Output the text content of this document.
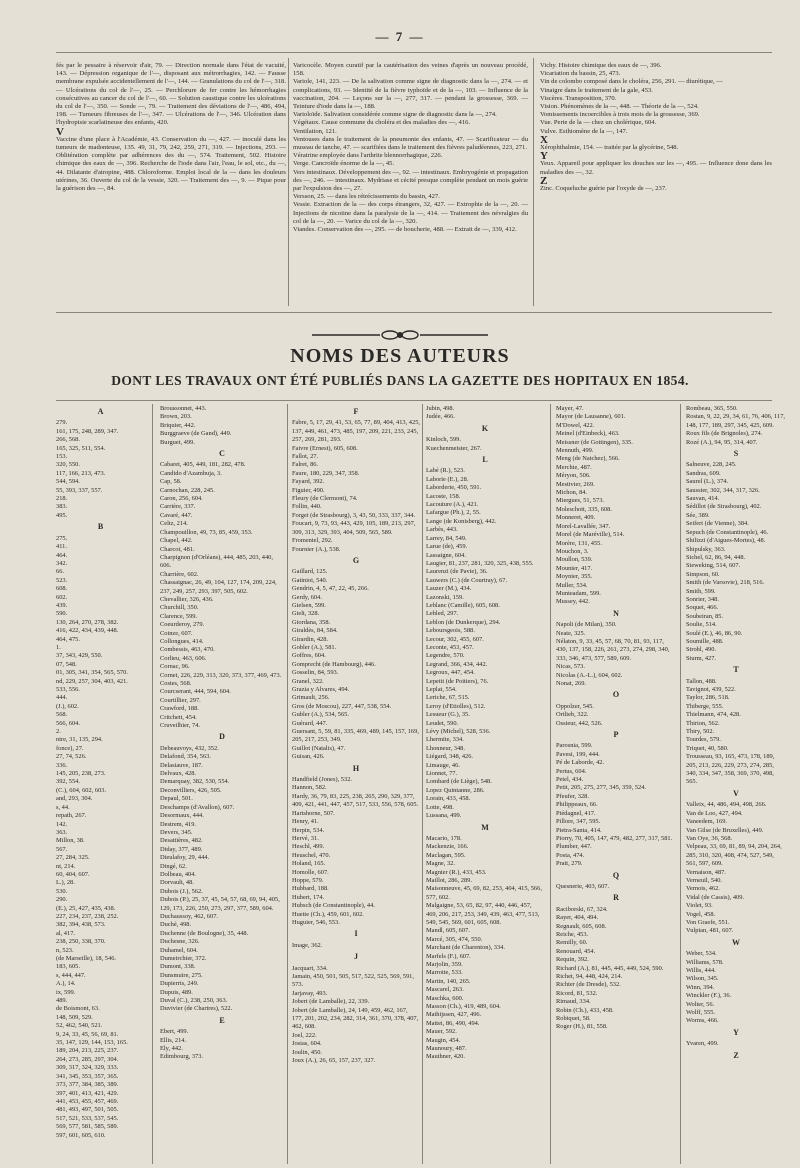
— 7 —

fés par le pessaire à réservoir d'air, 79. — Direction normale dans l'état de vacuité, 143. — Dépression organique de l'—, disposant aux métrorrhagies, 142. — Fausse membrane expulsée accidentellement de l'—, 144. — Granulations du col de l'—, 318. — Ulcérations du col de l'—, 25. — Perchlorure de fer contre les hémorrhagies consécutives au cancer du col de l'—, 60. — Solution caustique contre les ulcérations du col de l'—, 350. — Sonde —, 79. — Traitement des déviations de l'—, 486, 494, 198. — Tumeurs fibreuses de l'—, 347. — Ulcérations de l'—, 346. Ulcération dans l'hydropisie scarlatineuse des enfants, 420.

V

Vaccine d'une place à l'Académie, 43. Conservation du —, 427. — inoculé dans les tumeurs de madonteuse, 135. 49, 31, 79, 242, 259, 271, 319. — Injections, 293. — Oblitération complète par adhérences des du —, 574. Traitement, 502. Histoire chimique des eaux de —, 396. Recherche de l'iode dans l'air, l'eau, le sol, etc., du —, 44. Dilatante d'atropine, 488. Chloroforme. Emploi local de la — dans les douleurs utérines, 36. Ouverte du col de la vessie, 320. — Traitement des —, 9. — Pique pour la guérison des —, 84.

Varicocèle. Moyen curatif par la cautérisation des veines d'après un nouveau procédé, 158.

Variole, 141, 223. — De la salivation comme signe de diagnostic dans la —, 274. — et complications, 93. — Identité de la fièvre typhoïde et de la —, 103. — Influence de la vaccination, 204. — Leçons sur la —, 277, 317. — pendant la grossesse, 369. — Teinture d'iode dans la —, 188.

Varioloïde. Salivation considérée comme signe de diagnostic dans la —, 274.

Végétaux. Cause commune du choléra et des maladies des —, 416.

Ventilation, 121.

Ventouses dans le traitement de la pneumonie des enfants, 47. — Scarificateur — du museau de tanche, 47. — scarifiées dans le traitement des fièvres paludéennes, 223, 271.

Vératrine employée dans l'arthrite blennorrhagique, 226.

Verge. Cancroïde énorme de la —, 45.

Vers intestinaux. Développement des —, 92. — intestinaux. Embryogénie et propagation des —, 246. — intestinaux. Mydriase et cécité presque complète pendant un mois guérie par l'expulsion des —, 27.

Versson, 25. — dans les rétrécissements du bassin, 427.

Vessie. Extraction de la — des corps étrangers, 32, 427. — Extrophie de la —, 20. — Injections de nicotine dans la paralysie de la —, 414. — Traitement des névralgies du col de la —, 20. — Varice du col de la —, 320.

Viandes. Conservation des —, 295. — de boucherie, 488. — Extrait de —, 339, 412.

Vichy. Histoire chimique des eaux de —, 396.

Vicariation du bassin, 25, 473.

Vin de colombo composé dans le choléra, 256, 291. — diurétique, —

Vinaigre dans le traitement de la gale, 453.

Viscères. Transposition, 370.

Vision. Phénomènes de la —, 448. — Théorie de la —, 524.

Vomissements incoercibles à trois mois de la grossesse, 369.

Vue. Perte de la — chez un cholérique, 604.

Vulve. Esthiomène de la —, 147.

X

Xérophthalmie, 154. — traitée par la glycérine, 548.

Y

Yeux. Appareil pour appliquer les douches sur les —, 495. — Influence done dans les maladies des —, 32.

Z

Zinc. Coqueluche guérie par l'oxyde de —, 237.

NOMS DES AUTEURS
DONT LES TRAVAUX ONT ÉTÉ PUBLIÉS DANS LA GAZETTE DES HOPITAUX EN 1854.

A

279.

161, 175, 248, 289, 347.

266, 568.

165, 325, 511, 554.

153.

320, 550.

117, 166, 213, 473.

544, 594.

55, 393, 337, 557.

218.

383.

495.

B

275.

411.

464.

342.

66.

523.

608.

602.

439.

590.

130, 264, 270, 278, 382.

416, 422, 434, 439, 448.

464, 475.

1.

37, 343, 429, 550.

07, 548.

01, 305, 341, 354, 565, 570.

nd, 229, 257, 304, 403, 421.

533, 556.

444.

(J.), 602.

568.

566, 604.

2.

ntre, 31, 135, 294.

fonce), 27.

27, 74, 526.

336.

145, 205, 238, 273.

392, 554.

(C.), 604, 602, 603.

and, 293, 304.

s, 44.

repath, 267.

142.

363.

Millon, 38.

567.

27, 284, 325.

nt, 214.

60, 404, 607.

L.), 28.

530.

290.

(E.), 25, 427, 435, 438.

227, 234, 237, 238, 252.

382, 394, 438, 573.

al, 417.

238, 250, 338, 370.

n, 523.

(de Marseille), 18, 546.

183, 605.

s, 444, 447.

A.), 14.

ix, 599.

489.

de Boismont, 63.

148, 509, 529.

52, 462, 540, 521.

9, 24, 33, 45, 56, 69, 81.

35, 147, 129, 144, 153, 165.

189, 204, 213, 225, 237.

264, 273, 285, 297, 304.

309, 317, 324, 329, 333.

341, 345, 353, 357, 365.

373, 377, 384, 385, 389.

397, 401, 413, 421, 429.

441, 453, 455, 457, 469.

481, 493, 497, 501, 505.

517, 521, 533, 537, 545.

569, 577, 581, 585, 589.

597, 601, 605, 610.

Broussonnet, 443.

Brown, 203.

Briquier, 442.

Burggraeve (de Gand), 449.

Burguet, 499.

C

Cabaret, 405, 449, 181, 282, 478.

Candido d'Azambuja, 3.

Cap, 58.

Carnochan, 228, 245.

Caron, 256, 604.

Carrière, 337.

Cavaré, 447.

Celtz, 214.

Champouillon, 49, 73, 85, 459, 353.

Chapel, 442.

Charcot, 481.

Charpignon (d'Orléans), 444, 485, 203, 440, 606.

Charrière, 602.

Chassaignac, 26, 49, 104, 127, 174, 209, 224, 237, 249, 257, 293, 397, 505, 602.

Chevallier, 326, 436.

Churchill, 350.

Clarence, 599.

Coeurderoy, 279.

Coinze, 607.

Collongues, 414.

Combessis, 463, 470.

Corlieu, 463, 606.

Cornac, 96.

Cornet, 226, 229, 313, 320, 373, 377, 469, 473.

Costes, 568.

Courcserant, 444, 594, 604.

Courtillier, 297.

Crawford, 188.

Critchett, 454.

Cruveilhier, 74.

D

Debeauvoys, 432, 352.

Delafond, 354, 563.

Delasiauve, 187.

Delvaux, 428.

Demarquay, 382, 530, 554.

Deconvilliers, 426, 505.

Depaul, 501.

Deschamps (d'Avallon), 607.

Desormaux, 444.

Destrem, 419.

Devers, 345.

Desattières, 482.

Diday, 377, 489.

Dieulafoy, 29, 444.

Dingé, 62.

Dolbeau, 404.

Dorvault, 48.

Dubois (J.), 562.

Dubois (P.), 25, 37, 45, 54, 57, 68, 69, 94, 405, 129, 173, 226, 250, 273, 297, 377, 589, 604.

Duchaussoy, 462, 607.

Duché, 498.

Duchenne (de Boulogne), 35, 448.

Duchesne, 326.

Duhamel, 604.

Dumeirchier, 372.

Dumont, 338.

Dunsmuire, 275.

Dupierris, 249.

Dupuis, 489.

Duval (C.), 238, 250, 363.

Duvivier (de Chartres), 522.

E

Ebert, 499.

Ellis, 214.

Ely, 442.

Edimbourg, 373.

F

Fabre, 5, 17, 29, 41, 53, 65, 77, 89, 404, 413, 425, 137, 449, 461, 473, 485, 197, 209, 221, 233, 245, 257, 269, 281, 293.

Faivre (Ernest), 605, 608.

Fallot, 27.

Falret, 86.

Faure, 180, 229, 347, 358.

Fayard, 392.

Figuier, 490.

Fleury (de Clermont), 74.

Follin, 440.

Forget (de Strasbourg), 3, 43, 50, 333, 337, 344.

Foucart, 9, 73, 93, 443, 429, 105, 189, 213, 297, 309, 313, 329, 393, 404, 509, 565, 589.

Fromentel, 292.

Fournier (A.), 538.

G

Gaillard, 125.

Gatinioi, 540.

Gendrin, 4, 5, 47, 22, 45, 266.

Gerdy, 604.

Gielsen, 599.

Gielt, 328.

Giordana, 358.

Giraldès, 84, 584.

Girardin, 428.

Gobler (A.), 581.

Goffres, 604.

Gomprecht (de Hambourg), 446.

Gosselin, 84, 593.

Granel, 322.

Grazia y Alvares, 494.

Grimault, 256.

Gros (de Moscou), 227, 447, 538, 554.

Gubler (A.), 534, 565.

Guérard, 447.

Guersant, 5, 59, 81, 335, 469, 489, 145, 157, 169, 205, 217, 253, 349.

Guillot (Natalis), 47.

Guisan, 426.

H

Handfield (Jones), 532.

Hannon, 582.

Hardy, 36, 79, 83, 225, 238, 265, 290, 329, 377, 409, 421, 441, 447, 457, 517, 533, 556, 578, 605.

Hartshorne, 507.

Henry, 41.

Herpin, 534.

Hervé, 31.

Heschl, 499.

Heuschel, 470.

Holand, 165.

Homolle, 607.

Hoppe, 579.

Hubbard, 188.

Hubert, 174.

Hubsch (de Constantinople), 44.

Huette (Ch.), 459, 601, 602.

Huguier, 546, 553.

I

Image, 362.

J

Jacquart, 334.

Jamain, 450, 501, 505, 517, 522, 525, 569, 591, 573.

Jarjavay, 493.

Jobert (de Lamballe), 22, 339.

Jobert (de Lamballe), 24, 149, 459, 462, 167, 177, 201, 202, 234, 282, 314, 361, 370, 378, 407, 462, 608.

Joel, 222.

Josias, 604.

Joulin, 450.

Joux (A.), 26, 65, 157, 237, 327.

Jubin, 498.

Judée, 466.

K

Kinloch, 599.

Kuechenmeister, 267.

L

Labé (R.), 523.

Laborie (E.), 28.

Laborderie, 450, 591.

Lacoste, 158.

Lacouture (A.), 421.

Lafargue (Ph.), 2, 55.

Lange (de Konisberg), 442.

Larbès, 443.

Larrey, 84, 549.

Larue (de), 459.

Lassaigne, 604.

Laugier, 81, 237, 281, 320, 325, 438, 555.

Laurenzi (de Pavie), 36.

Lauwers (C.) (de Courtray), 67.

Lauzer (M.), 434.

Lazonski, 159.

Leblanc (Camille), 605, 608.

Lebled, 297.

Leblon (de Dunkerque), 294.

Leboursgeois, 588.

Lecour, 302, 455, 607.

Leconte, 453, 457.

Legendre, 570.

Legrand, 366, 434, 442.

Legroux, 447, 454.

Lepetit (de Poitiers), 76.

Leplat, 554.

Leriche, 67, 515.

Leroy (d'Etiolles), 512.

Lesueur (G.), 35.

Leudet, 590.

Lévy (Michel), 528, 536.

Lhermite, 334.

Lhonneur, 348.

Liégard, 348, 426.

Limauge, 46.

Lionnet, 77.

Lombard (de Liège), 548.

Lopez Quintanne, 286.

Lorain, 433, 458.

Lotte, 498.

Lussana, 499.

M

Macario, 178.

Mackenzie, 166.

Maclagan, 595.

Magne, 32.

Magnier (R.), 433, 453.

Maillot, 286, 289.

Maisonneuve, 45, 69, 82, 253, 404, 415, 566, 577, 602.

Malgaigne, 53, 65, 82, 97, 440, 446, 457, 469, 206, 217, 253, 349, 439, 463, 477, 513, 549, 545, 569, 601, 605, 608.

Mandl, 605, 607.

Marcé, 305, 474, 550.

Marchant (de Charenton), 334.

Marfels (F.), 607.

Marjolin, 359.

Marrotte, 533.

Martin, 140, 265.

Mascarel, 263.

Maschka, 600.

Masson (Ch.), 419, 489, 604.

Mathijssen, 427, 496.

Mattei, 86, 490, 494.

Mauer, 592.

Maugin, 454.

Maunoury, 487.

Mauthner, 420.

Mayer, 47.

Mayor (de Lausanne), 601.

M'Dowel, 422.

Meinel (d'Einbeck), 463.

Meissner (de Gottingen), 335.

Mennuth, 499.

Meng (de Natchez), 566.

Merchie, 487.

Méryon, 506.

Mestivier, 269.

Michon, 84.

Miergues, 51, 573.

Moleschott, 335, 608.

Monneret, 409.

Morel-Lavallée, 347.

Morel (de Maréville), 514.

Morère, 131, 455.

Mouchon, 3.

Moullon, 539.

Mounier, 417.

Moynier, 355.

Muller, 534.

Munteadam, 599.

Mussey, 442.

N

Napoli (de Milan), 350.

Neate, 325.

Nélaton, 9, 33, 45, 57, 68, 70, 81, 93, 117, 430, 137, 158, 226, 261, 273, 274, 298, 340, 333, 346, 473, 577, 589, 609.

Nicas, 573.

Nicolas (A.-L.), 604, 602.

Nonat, 269.

O

Oppolzer, 545.

Ortlieb, 322.

Ossieur, 442, 526.

P

Parosnia, 599.

Pavesi, 199, 444.

Pé de Laborde, 42.

Pertus, 604.

Petel, 434.

Petit, 205, 275, 277, 345, 359, 524.

Pfeufer, 328.

Philippeaux, 66.

Piédagnel, 417.

Pillore, 347, 595.

Pietra-Santa, 414.

Piorry, 70, 405, 147, 479, 482, 277, 317, 581.

Plumber, 447.

Posta, 474.

Pratt, 279.

Q

Quesnerie, 403, 607.

R

Raciborski, 67, 324.

Rayer, 404, 494.

Regnault, 605, 608.

Reiche, 453.

Remilly, 60.

Renouard, 454.

Requin, 392.

Richard (A.), 81, 445, 445, 449, 524, 590.

Richet, 94, 448, 424, 214.

Richter (de Dresde), 532.

Ricord, 81, 532.

Rimaud, 334.

Robin (Ch.), 433, 458.

Robiquet, 58.

Roger (H.), 81, 558.

Rombeau, 365, 550.

Rostan, 9, 22, 29, 34, 61, 76, 406, 117, 148, 177, 189, 297, 345, 425, 609.

Roux fils (de Brignoles), 274.

Rozé (A.), 94, 95, 314, 407.

S

Salneuve, 228, 245.

Sandras, 609.

Saurel (L.), 374.

Saussier, 302, 344, 317, 326.

Sauvan, 414.

Sédillot (de Strasbourg), 402.

Sée, 389.

Seifert (de Vienne), 384.

Sepuch (de Constantinople), 46.

Shilizzi (d'Aigues-Mortes), 48.

Shipulsky, 363.

Sichel, 62, 86, 94, 448.

Sieweking, 514, 607.

Simpson, 60.

Smith (de Varsovie), 218, 516.

Smith, 599.

Sonrier, 348.

Soquet, 466.

Soubeiran, 85.

Soulie, 514.

Soulé (E.), 46, 86, 90.

Soumille, 488.

Strohl, 490.

Sturm, 427.

T

Tallon, 488.

Tavignot, 439, 522.

Taylor, 286, 518.

Thiberge, 555.

Thielmann, 474, 428.

Thirion, 562.

Thiry, 502.

Tourdes, 579.

Triquet, 40, 580.

Trousseau, 93, 165, 473, 178, 189, 205, 213, 226, 229, 273, 274, 285, 340, 334, 347, 358, 369, 370, 498, 565.

V

Valleix, 44, 486, 494, 498, 266.

Van de Loo, 427, 494.

Vaneedem, 169.

Van Gilse (de Bruxelles), 449.

Van Oye, 36, 568.

Velpeau, 33, 69, 81, 89, 94, 204, 264, 285, 310, 320, 408, 474, 527, 549, 561, 597, 609.

Vernaison, 487.

Verneuil, 540.

Vernois, 462.

Vidal (de Cassis), 409.

Violet, 93.

Vogel, 458.

Von Graefe, 551.

Vulpian, 481, 607.

W

Weber, 534.

Williams, 578.

Willis, 444.

Wilson, 345.

Winn, 394.

Winckler (F.), 36.

Wolter, 56.

Wolff, 555.

Worms, 466.

Y

Yvaren, 499.

Z
